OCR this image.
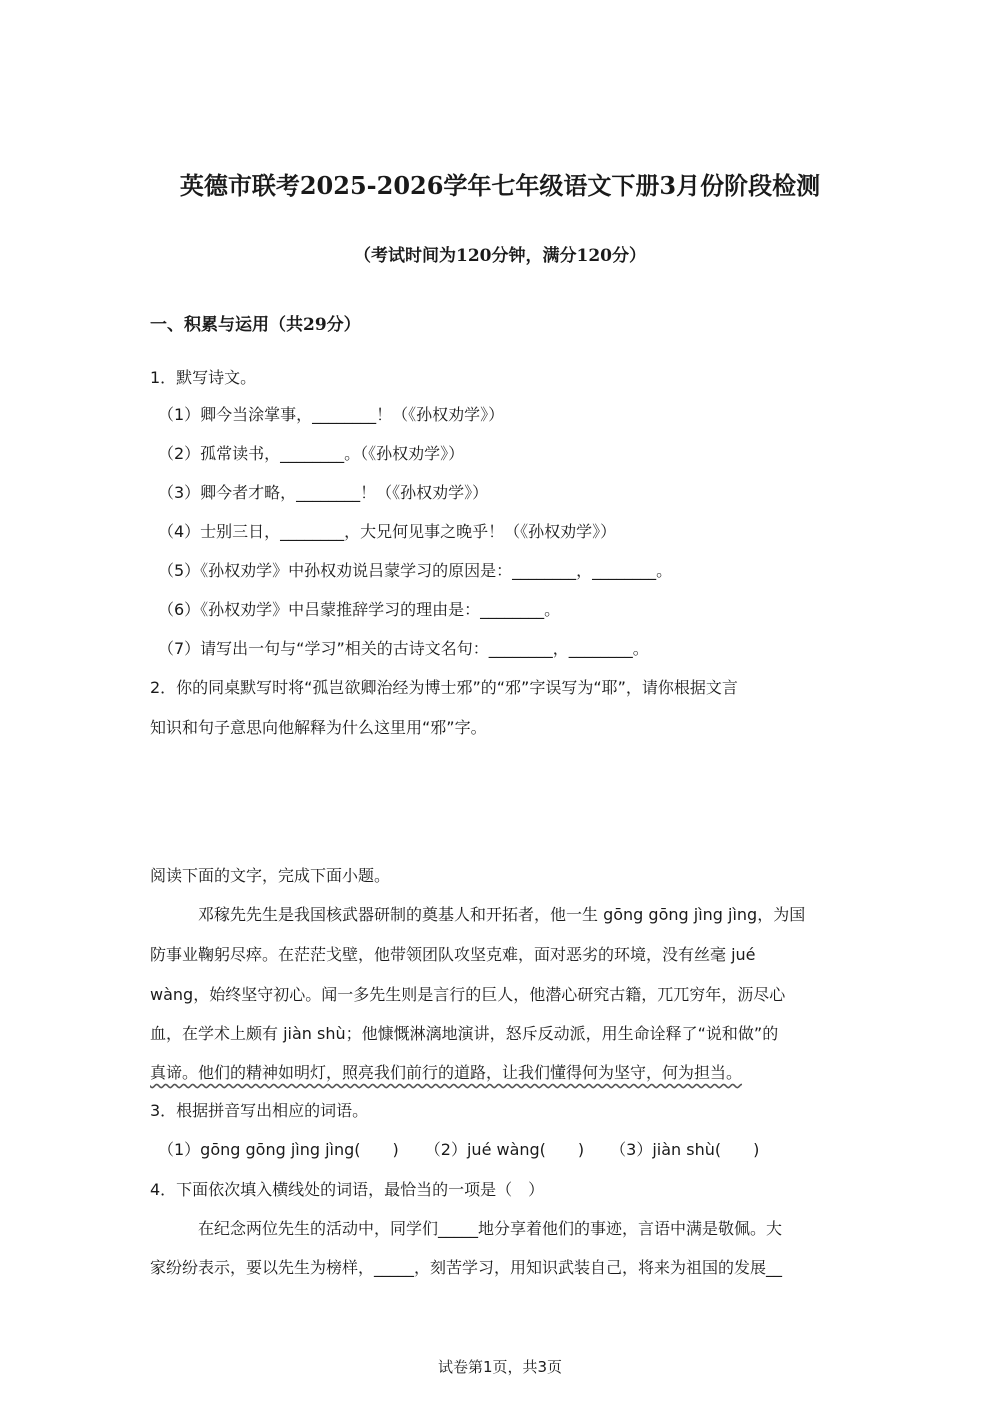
英德市联考2025-2026学年七年级语文下册3月份阶段检测
（考试时间为120分钟，满分120分）
一、积累与运用（共29分）
1．默写诗文。
（1）卿今当涂掌事，________！（《孙权劝学》）
（2）孤常读书，________。（《孙权劝学》）
（3）卿今者才略，________！（《孙权劝学》）
（4）士别三日，________，大兄何见事之晚乎！（《孙权劝学》）
（5）《孙权劝学》中孙权劝说吕蒙学习的原因是：________，________。
（6）《孙权劝学》中吕蒙推辞学习的理由是：________。
（7）请写出一句与“学习”相关的古诗文名句：________，________。
2．你的同桌默写时将“孤岂欲卿治经为博士邪”的“邪”字误写为“耶”，请你根据文言
知识和句子意思向他解释为什么这里用“邪”字。
阅读下面的文字，完成下面小题。
邓稼先先生是我国核武器研制的奠基人和开拓者，他一生 gōng gōng jìng jìng，为国
防事业鞠躬尽瘁。在茫茫戈壁，他带领团队攻坚克难，面对恶劣的环境，没有丝毫 jué
wàng，始终坚守初心。闻一多先生则是言行的巨人，他潜心研究古籍，兀兀穷年，沥尽心
血，在学术上颇有 jiàn shù；他慷慨淋漓地演讲，怒斥反动派，用生命诠释了“说和做”的
真谛。他们的精神如明灯，照亮我们前行的道路，让我们懂得何为坚守，何为担当。
3．根据拼音写出相应的词语。
（1）gōng gōng jìng jìng(　　) （2）jué wàng(　　) （3）jiàn shù(　　)
4．下面依次填入横线处的词语，最恰当的一项是（　）
在纪念两位先生的活动中，同学们_____地分享着他们的事迹，言语中满是敬佩。大
家纷纷表示，要以先生为榜样，_____，刻苦学习，用知识武装自己，将来为祖国的发展__
试卷第1页，共3页
